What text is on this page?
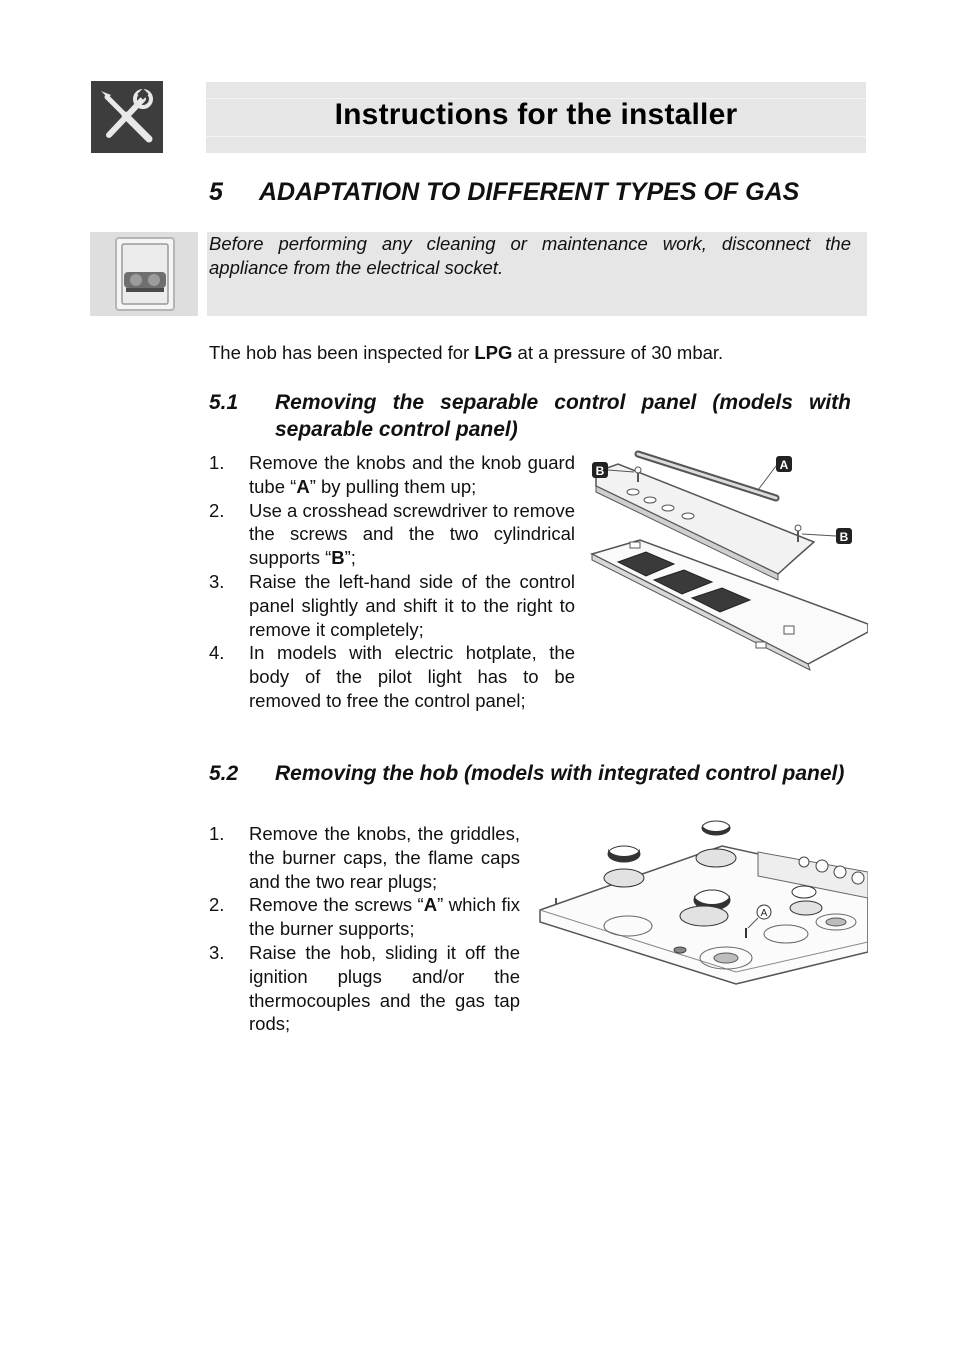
Instructions for the installer
5 ADAPTATION TO DIFFERENT TYPES OF GAS
Before performing any cleaning or maintenance work, disconnect the appliance from the electrical socket.
The hob has been inspected for LPG at a pressure of 30 mbar.
5.1 Removing the separable control panel (models with separable control panel)
1. Remove the knobs and the knob guard tube “A” by pulling them up;
2. Use a crosshead screwdriver to remove the screws and the two cylindrical supports “B”;
3. Raise the left-hand side of the control panel slightly and shift it to the right to remove it completely;
4. In models with electric hotplate, the body of the pilot light has to be removed to free the control panel;
A
B
B
5.2 Removing the hob (models with integrated control panel)
1. Remove the knobs, the griddles, the burner caps, the flame caps and the two rear plugs;
2. Remove the screws “A” which fix the burner supports;
3. Raise the hob, sliding it off the ignition plugs and/or the thermocouples and the gas tap rods;
A
